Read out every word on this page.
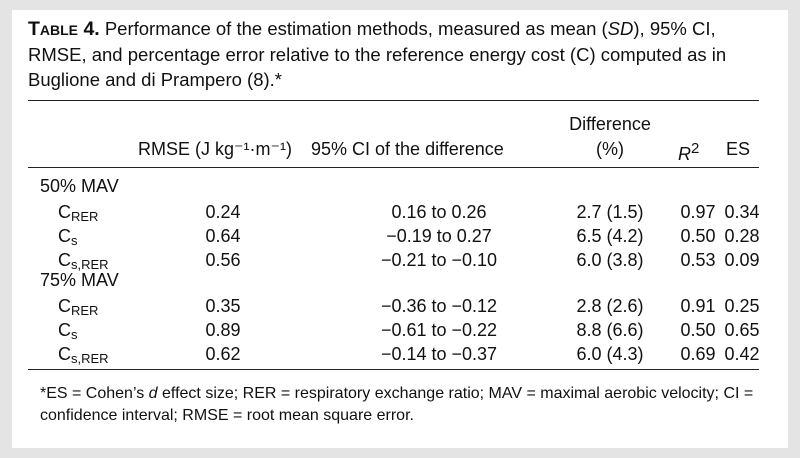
Table 4. Performance of the estimation methods, measured as mean (SD), 95% CI, RMSE, and percentage error relative to the reference energy cost (C) computed as in Buglione and di Prampero (8).*
RMSE (J kg⁻¹·m⁻¹) 95% CI of the difference
Difference
(%)	$R^2$ ES
50% MAV
$C_{RER}$	0.24	0.16 to 0.26	2.7 (1.5)	0.97 0.34
$C_s$	0.64	−0.19 to 0.27	6.5 (4.2)	0.50 0.28
$C_{s,RER}$	0.56	−0.21 to −0.10	6.0 (3.8)	0.53 0.09
75% MAV
$C_{RER}$	0.35	−0.36 to −0.12	2.8 (2.6)	0.91 0.25
$C_s$	0.89	−0.61 to −0.22	8.8 (6.6)	0.50 0.65
$C_{s,RER}$	0.62	−0.14 to −0.37	6.0 (4.3)	0.69 0.42
*ES = Cohen’s d effect size; RER = respiratory exchange ratio; MAV = maximal aerobic velocity; CI = confidence interval; RMSE = root mean square error.
